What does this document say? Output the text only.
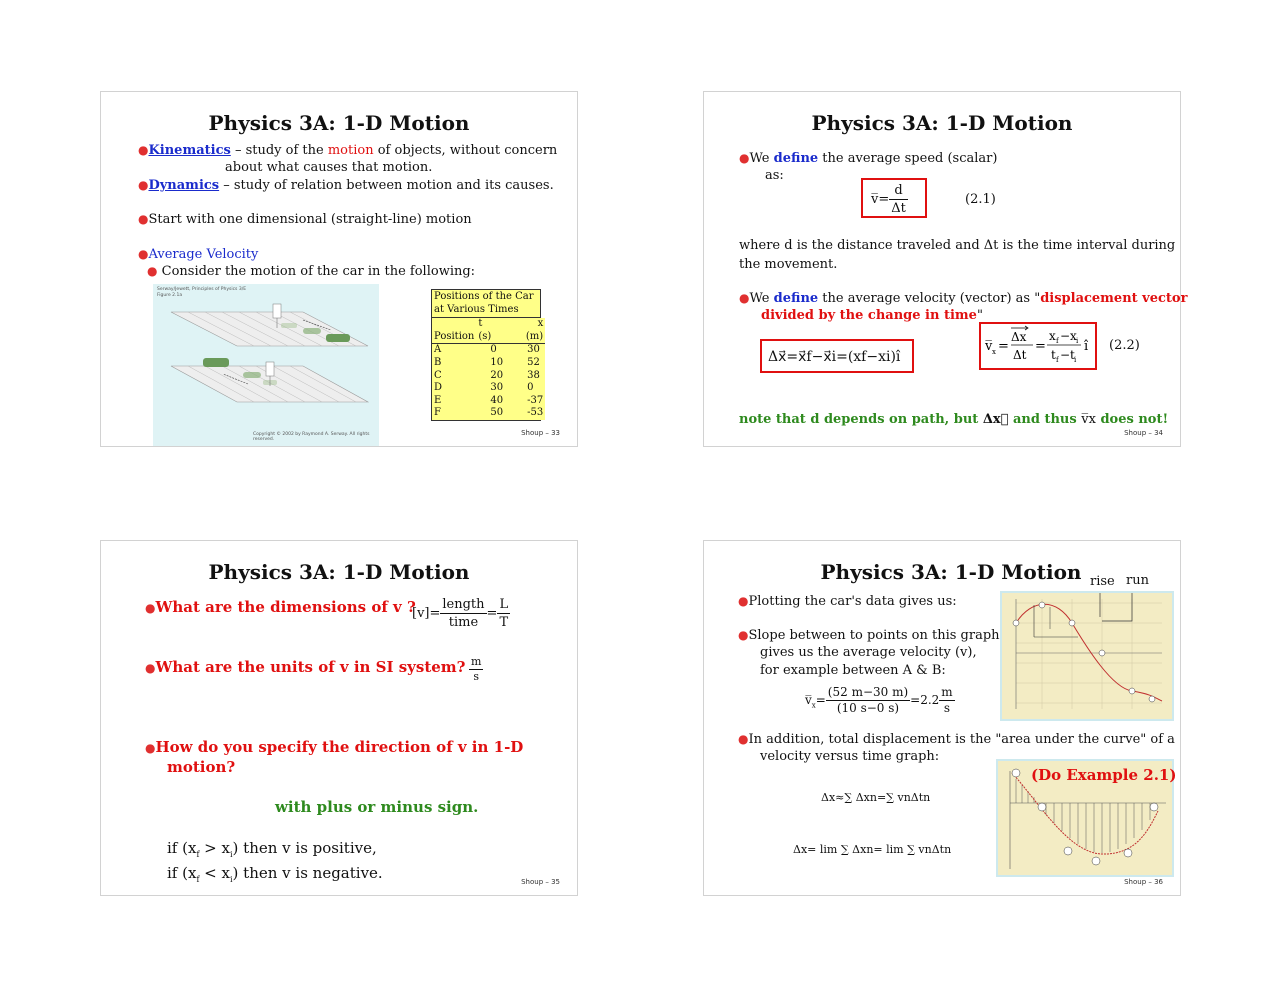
Physics 3A: 1-D Motion
●Kinematics – study of the motion of objects, without concern
about what causes that motion.
●Dynamics – study of relation between motion and its causes.
●Start with one dimensional (straight-line) motion
●Average Velocity
● Consider the motion of the car in the following:
Serway/Jewett, Principles of Physics 3/E
Figure 2.1a
Copyright © 2002 by Raymond A. Serway. All rights reserved.
Positions of the Car
at Various Times
	t	x
Position	(s)	(m)
A	0	30
B	10	52
C	20	38
D	30	0
E	40	-37
F	50	-53
Shoup – 33
Physics 3A: 1-D Motion
●We define the average speed (scalar)
as:
v̅= $\frac{d}{\Delta t}$	(2.1)
where d is the distance traveled and Δt is the time interval during
the movement.
●We define the average velocity (vector) as "displacement vector
divided by the change in time"
Δx⃗=x⃗f−x⃗i=(xf−xi)î
v̅ x =
Δx
Δt
=
x f −x i
t f −t i
î (2.2)
note that d depends on path, but Δx⃗ and thus v̅x does not!
Shoup – 34
Physics 3A: 1-D Motion
●What are the dimensions of v ?
$[v]= \frac{\text{length}}{\text{time}} = \frac{L}{T}$
●What are the units of v in SI system? $\frac{m}{s}$
●How do you specify the direction of v in 1-D
motion?
with plus or minus sign.
if $(x_f > x_i)$ then v is positive,
if $(x_f < x_i)$ then v is negative.	Shoup – 35
Physics 3A: 1-D Motion rise run
●Plotting the car's data gives us:
●Slope between to points on this graph
gives us the average velocity (v),
for example between A & B:
$v̅_x= \frac{(52 m-30 m)}{(10 s-0 s)} =2.2 \frac{m}{s}$
●In addition, total displacement is the "area under the curve" of a
velocity versus time graph:
Δx≈∑ Δxn=∑ vnΔtn
Δx= lim ∑ Δxn= lim ∑ vnΔtn
(Do Example 2.1)
Shoup – 36
